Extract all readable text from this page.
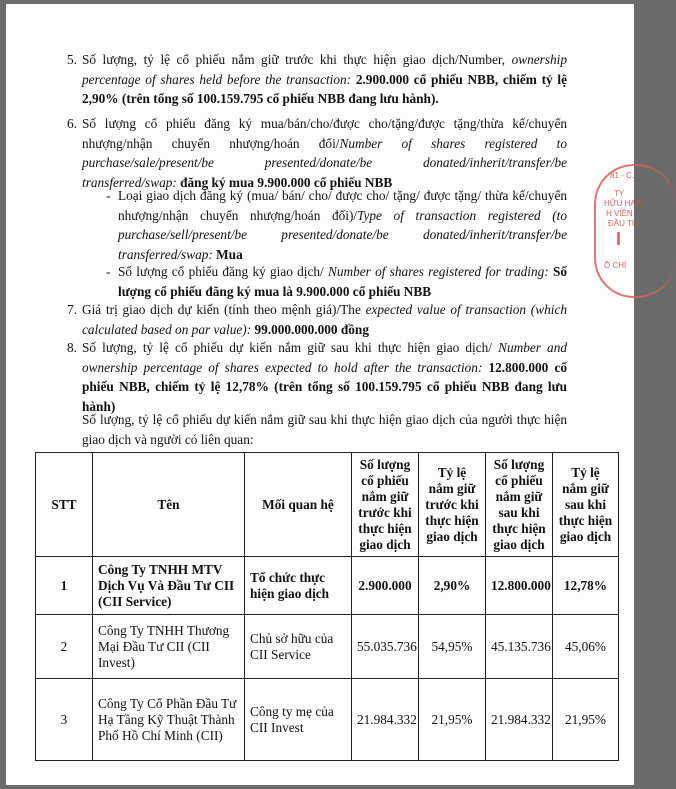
5. Số lượng, tỷ lệ cổ phiếu nắm giữ trước khi thực hiện giao dịch/Number, ownership percentage of shares held before the transaction: 2.900.000 cổ phiếu NBB, chiếm tỷ lệ 2,90% (trên tổng số 100.159.795 cổ phiếu NBB đang lưu hành).
6. Số lượng cổ phiếu đăng ký mua/bán/cho/được cho/tặng/được tặng/thừa kế/chuyển nhượng/nhận chuyển nhượng/hoán đổi/Number of shares registered to purchase/sale/present/be presented/donate/be donated/inherit/transfer/be transferred/swap: đăng ký mua 9.900.000 cổ phiếu NBB
- Loại giao dịch đăng ký (mua/ bán/ cho/ được cho/ tặng/ được tặng/ thừa kế/chuyển nhượng/nhận chuyển nhượng/hoán đổi)/Type of transaction registered (to purchase/sell/present/be presented/donate/be donated/inherit/transfer/be transferred/swap: Mua
- Số lượng cổ phiếu đăng ký giao dịch/ Number of shares registered for trading: Số lượng cổ phiếu đăng ký mua là 9.900.000 cổ phiếu NBB
7. Giá trị giao dịch dự kiến (tính theo mệnh giá)/The expected value of transaction (which calculated based on par value): 99.000.000.000 đồng
8. Số lượng, tỷ lệ cổ phiếu dự kiến nắm giữ sau khi thực hiện giao dịch/ Number and ownership percentage of shares expected to hold after the transaction: 12.800.000 cổ phiếu NBB, chiếm tỷ lệ 12,78% (trên tổng số 100.159.795 cổ phiếu NBB đang lưu hành)
Số lượng, tỷ lệ cổ phiếu dự kiến nắm giữ sau khi thực hiện giao dịch của người thực hiện giao dịch và người có liên quan:
81 - C.
TY
HỮU HẠN
H VIÊN
ĐẦU TƯ
I
Ồ CHÍ
STT	Tên	Mối quan hệ	Số lượng cổ phiếu nắm giữ trước khi thực hiện giao dịch	Tỷ lệ nắm giữ trước khi thực hiện giao dịch	Số lượng cổ phiếu nắm giữ sau khi thực hiện giao dịch	Tỷ lệ nắm giữ sau khi thực hiện giao dịch
1	Công Ty TNHH MTV Dịch Vụ Và Đầu Tư CII (CII Service)	Tổ chức thực hiện giao dịch	2.900.000	2,90%	12.800.000	12,78%
2	Công Ty TNHH Thương Mại Đầu Tư CII (CII Invest)	Chủ sở hữu của CII Service	55.035.736	54,95%	45.135.736	45,06%
3	Công Ty Cổ Phần Đầu Tư Hạ Tầng Kỹ Thuật Thành Phố Hồ Chí Minh (CII)	Công ty mẹ của CII Invest	21.984.332	21,95%	21.984.332	21,95%
